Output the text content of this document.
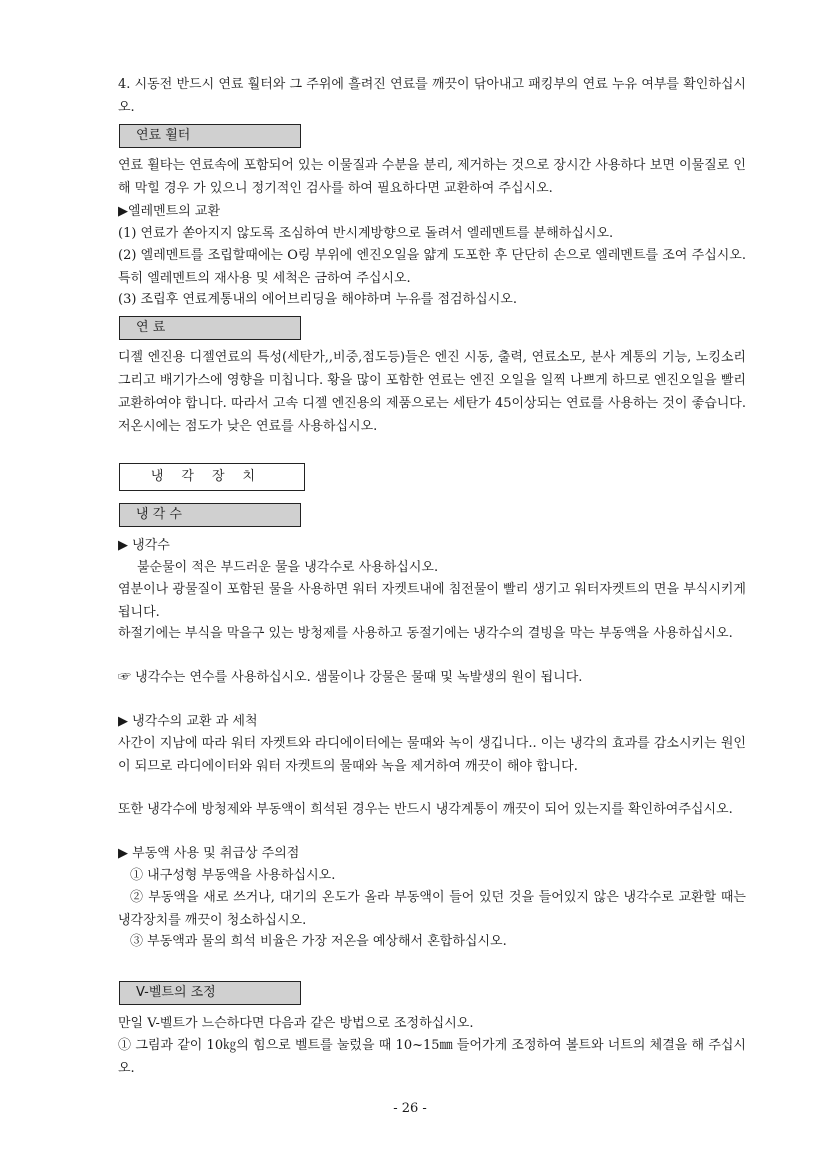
4. 시동전 반드시 연료 훨터와 그 주위에 흘려진 연료를 깨끗이 닦아내고 패킹부의 연료 누유 여부를 확인하십시오.

연료 휠터

연료 휠타는 연료속에 포함되어 있는 이물질과 수분을 분리, 제거하는 것으로 장시간 사용하다 보면 이물질로 인해 막힐 경우 가 있으니 정기적인 검사를 하여 필요하다면 교환하여 주십시오.

▶엘레멘트의 교환

(1) 연료가 쏟아지지 않도록 조심하여 반시계방향으로 돌려서 엘레멘트를 분해하십시오.

(2) 엘레멘트를 조립할때에는 O링 부위에 엔진오일을 얇게 도포한 후 단단히 손으로 엘레멘트를 조여 주십시오. 특히 엘레멘트의 재사용 및 세척은 금하여 주십시오.

(3) 조립후 연료계통내의 에어브리딩을 해야하며 누유를 점검하십시오.

연 료

디젤 엔진용 디젤연료의 특성(세탄가,,비중,점도등)들은 엔진 시동, 출력, 연료소모, 분사 계통의 기능, 노킹소리 그리고 배기가스에 영향을 미칩니다. 황을 많이 포함한 연료는 엔진 오일을 일찍 나쁘게 하므로 엔진오일을 빨리 교환하여야 합니다. 따라서 고속 디젤 엔진용의 제품으로는 세탄가 45이상되는 연료를 사용하는 것이 좋습니다. 저온시에는 점도가 낮은 연료를 사용하십시오.

냉각장치
냉 각 수

▶ 냉각수

불순물이 적은 부드러운 물을 냉각수로 사용하십시오.

염분이나 광물질이 포함된 물을 사용하면 워터 자켓트내에 침전물이 빨리 생기고 워터자켓트의 면을 부식시키게 됩니다.

하절기에는 부식을 막을구 있는 방청제를 사용하고 동절기에는 냉각수의 결빙을 막는 부동액을 사용하십시오.

☞ 냉각수는 연수를 사용하십시오. 샘물이나 강물은 물때 및 녹발생의 원이 됩니다.

▶ 냉각수의 교환 과 세척

사간이 지남에 따라 워터 자켓트와 라디에이터에는 물때와 녹이 생깁니다.. 이는 냉각의 효과를 감소시키는 원인이 되므로 라디에이터와 워터 자켓트의 물때와 녹을 제거하여 깨끗이 해야 합니다.

또한 냉각수에 방청제와 부동액이 희석된 경우는 반드시 냉각계통이 깨끗이 되어 있는지를 확인하여주십시오.

▶ 부동액 사용 및 취급상 주의점

① 내구성형 부동액을 사용하십시오.

② 부동액을 새로 쓰거나, 대기의 온도가 올라 부동액이 들어 있던 것을 들어있지 않은 냉각수로 교환할 때는 냉각장치를 깨끗이 청소하십시오.

③ 부동액과 물의 희석 비율은 가장 저온을 예상해서 혼합하십시오.

V-벨트의 조정

만일 V-벨트가 느슨하다면 다음과 같은 방법으로 조정하십시오.

① 그림과 같이 10㎏의 힘으로 벨트를 눌렀을 때 10~15㎜ 들어가게 조정하여 볼트와 너트의 체결을 해 주십시오.

- 26 -
